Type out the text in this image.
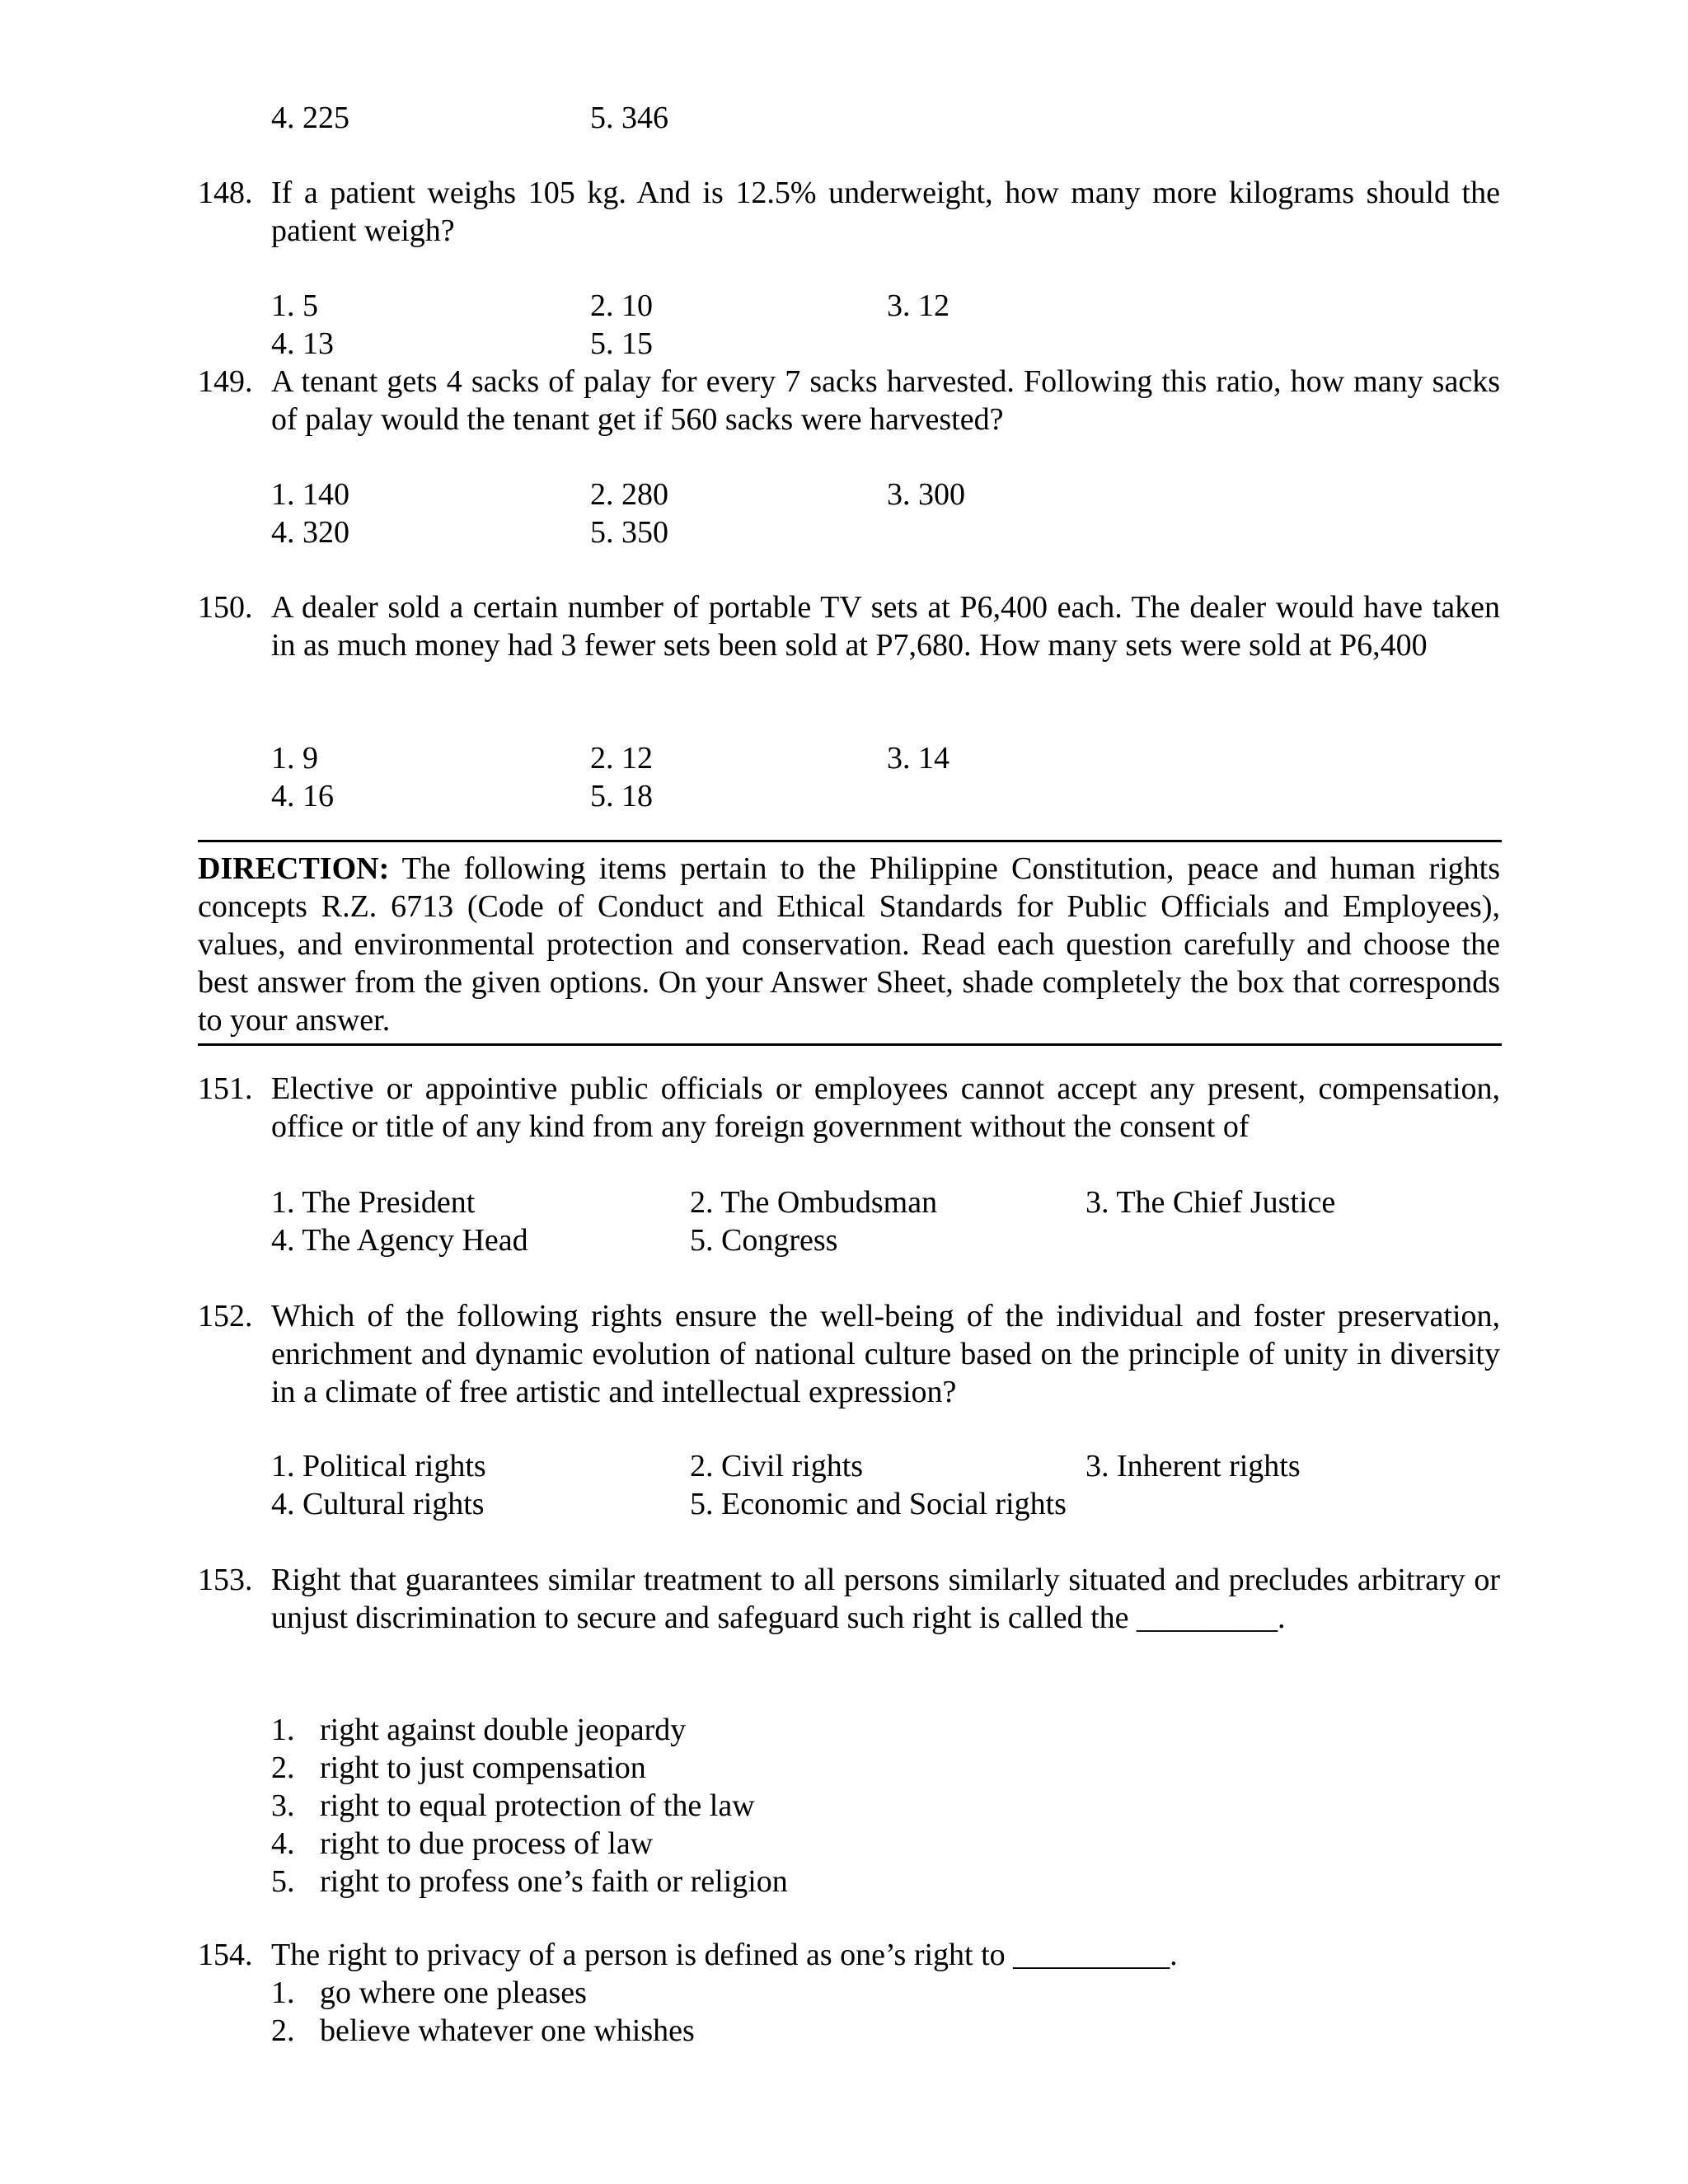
4. 225	5. 346
148. If a patient weighs 105 kg. And is 12.5% underweight, how many more kilograms should the patient weigh?
1. 5	2. 10	3. 12
4. 13	5. 15
149. A tenant gets 4 sacks of palay for every 7 sacks harvested. Following this ratio, how many sacks of palay would the tenant get if 560 sacks were harvested?
1. 140	2. 280	3. 300
4. 320	5. 350
150. A dealer sold a certain number of portable TV sets at P6,400 each. The dealer would have taken in as much money had 3 fewer sets been sold at P7,680. How many sets were sold at P6,400
1. 9	2. 12	3. 14
4. 16	5. 18
DIRECTION: The following items pertain to the Philippine Constitution, peace and human rights concepts R.Z. 6713 (Code of Conduct and Ethical Standards for Public Officials and Employees), values, and environmental protection and conservation. Read each question carefully and choose the best answer from the given options. On your Answer Sheet, shade completely the box that corresponds to your answer.
151. Elective or appointive public officials or employees cannot accept any present, compensation, office or title of any kind from any foreign government without the consent of
1. The President	2. The Ombudsman	3. The Chief Justice
4. The Agency Head	5. Congress
152. Which of the following rights ensure the well-being of the individual and foster preservation, enrichment and dynamic evolution of national culture based on the principle of unity in diversity in a climate of free artistic and intellectual expression?
1. Political rights	2. Civil rights	3. Inherent rights
4. Cultural rights	5. Economic and Social rights
153. Right that guarantees similar treatment to all persons similarly situated and precludes arbitrary or unjust discrimination to secure and safeguard such right is called the _________.
1. right against double jeopardy
2. right to just compensation
3. right to equal protection of the law
4. right to due process of law
5. right to profess one’s faith or religion
154. The right to privacy of a person is defined as one’s right to __________.
1. go where one pleases
2. believe whatever one whishes
